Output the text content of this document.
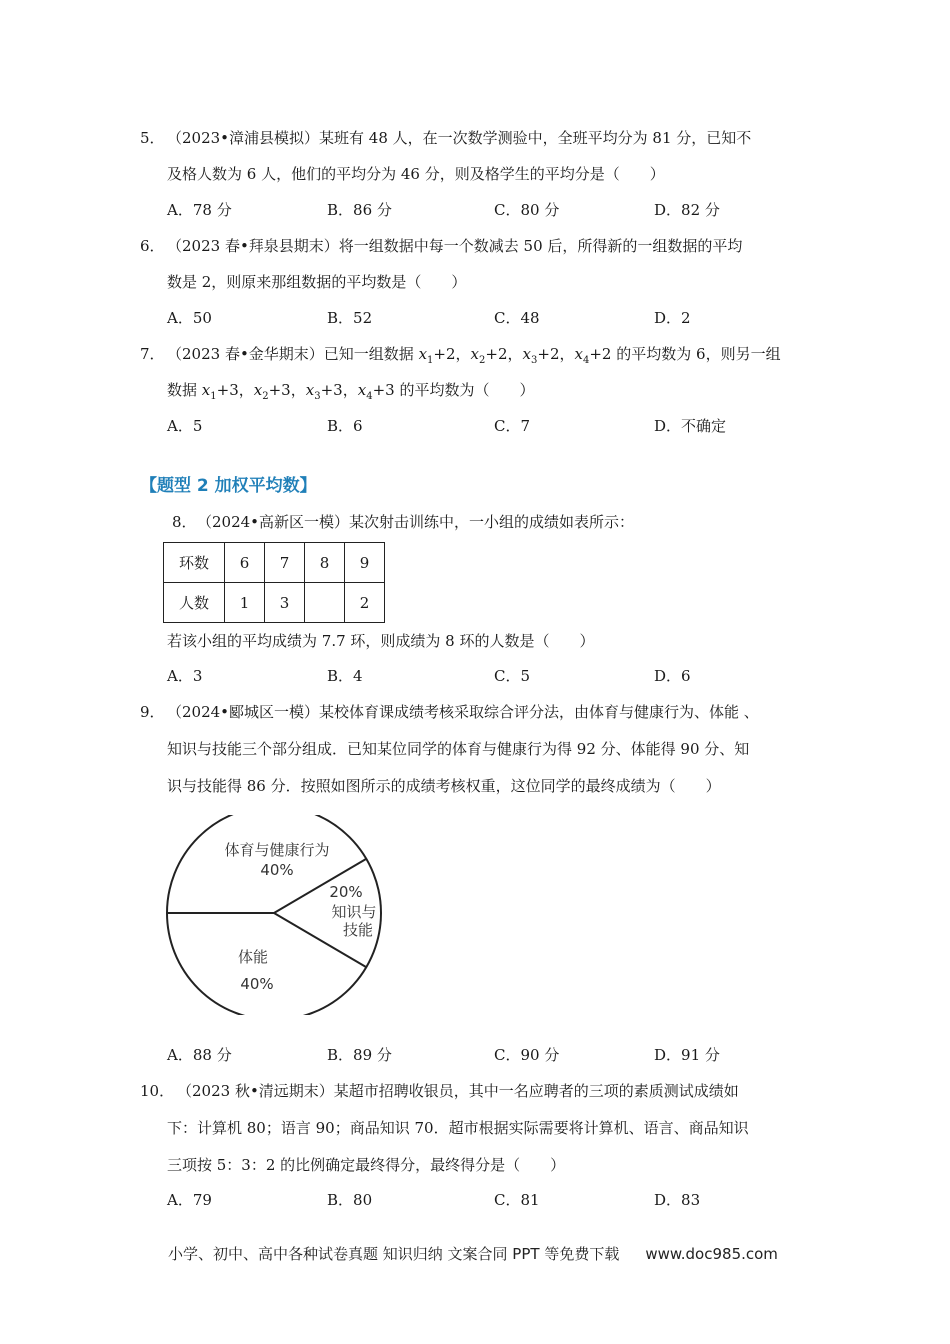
5． （2023•漳浦县模拟）某班有 48 人，在一次数学测验中，全班平均分为 81 分，已知不
及格人数为 6 人，他们的平均分为 46 分，则及格学生的平均分是（　　）
A．78 分	B．86 分	C．80 分	D．82 分
6． （2023 春•拜泉县期末）将一组数据中每一个数减去 50 后，所得新的一组数据的平均
数是 2，则原来那组数据的平均数是（　　）
A．50	B．52	C．48	D．2
7． （2023 春•金华期末）已知一组数据 $x_1+2$，$x_2+2$，$x_3+2$，$x_4+2$ 的平均数为 6，则另一组
数据 $x_1+3$，$x_2+3$，$x_3+3$，$x_4+3$ 的平均数为（　　）
A．5	B．6	C．7	D．不确定
【题型 2 加权平均数】
8． （2024•高新区一模）某次射击训练中，一小组的成绩如表所示：
环数	6	7	8	9
人数	1	3		2
若该小组的平均成绩为 7.7 环，则成绩为 8 环的人数是（　　）
A．3	B．4	C．5	D．6
9． （2024•郾城区一模）某校体育课成绩考核采取综合评分法，由体育与健康行为、体能 、
知识与技能三个部分组成．已知某位同学的体育与健康行为得 92 分、体能得 90 分、知
识与技能得 86 分．按照如图所示的成绩考核权重，这位同学的最终成绩为（　　）
体育与健康行为
40%
20%
知识与
技能
体能
40%
A．88 分	B．89 分	C．90 分	D．91 分
10． （2023 秋•清远期末）某超市招聘收银员，其中一名应聘者的三项的素质测试成绩如
下：计算机 80；语言 90；商品知识 70．超市根据实际需要将计算机、语言、商品知识
三项按 5：3：2 的比例确定最终得分，最终得分是（　　）
A．79	B．80	C．81	D．83
小学、初中、高中各种试卷真题 知识归纳 文案合同 PPT 等免费下载 www.doc985.com
